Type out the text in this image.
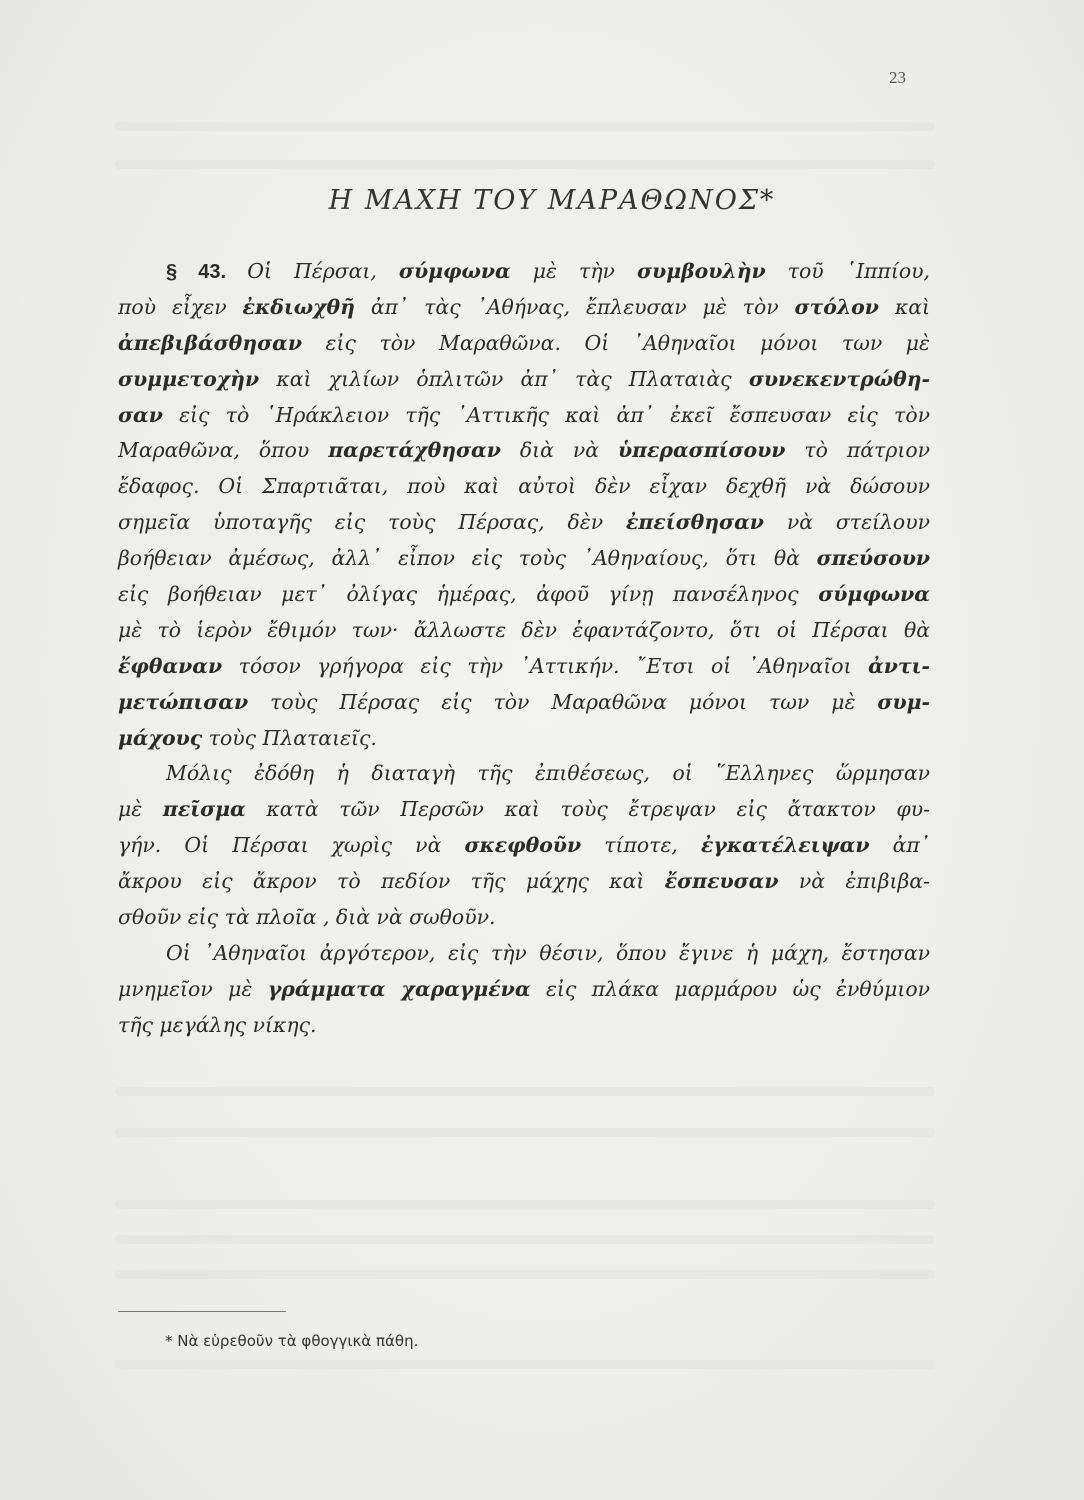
23
Η ΜΑΧΗ ΤΟΥ ΜΑΡΑΘΩΝΟΣ*
§ 43. Οἱ Πέρσαι, σύμφωνα μὲ τὴν συμβουλὴν τοῦ ῾Ιππίου,
ποὺ εἶχεν ἐκδιωχθῆ ἀπ᾿ τὰς ᾿Αθήνας, ἔπλευσαν μὲ τὸν στόλον καὶ
ἀπεβιβάσθησαν εἰς τὸν Μαραθῶνα. Οἱ ᾿Αθηναῖοι μόνοι των μὲ
συμμετοχὴν καὶ χιλίων ὁπλιτῶν ἀπ᾿ τὰς Πλαταιὰς συνεκεντρώθη-
σαν εἰς τὸ ῾Ηράκλειον τῆς ᾿Αττικῆς καὶ ἀπ᾿ ἐκεῖ ἔσπευσαν εἰς τὸν
Μαραθῶνα, ὅπου παρετάχθησαν διὰ νὰ ὑπερασπίσουν τὸ πάτριον
ἔδαφος. Οἱ Σπαρτιᾶται, ποὺ καὶ αὐτοὶ δὲν εἶχαν δεχθῆ νὰ δώσουν
σημεῖα ὑποταγῆς εἰς τοὺς Πέρσας, δὲν ἐπείσθησαν νὰ στείλουν
βοήθειαν ἀμέσως, ἀλλ᾿ εἶπον εἰς τοὺς ᾿Αθηναίους, ὅτι θὰ σπεύσουν
εἰς βοήθειαν μετ᾿ ὀλίγας ἡμέρας, ἀφοῦ γίνῃ πανσέληνος σύμφωνα
μὲ τὸ ἱερὸν ἔθιμόν των· ἄλλωστε δὲν ἐφαντάζοντο, ὅτι οἱ Πέρσαι θὰ
ἔφθαναν τόσον γρήγορα εἰς τὴν ᾿Αττικήν. ῎Ετσι οἱ ᾿Αθηναῖοι ἀντι-
μετώπισαν τοὺς Πέρσας εἰς τὸν Μαραθῶνα μόνοι των μὲ συμ-
μάχους τοὺς Πλαταιεῖς.
Μόλις ἐδόθη ἡ διαταγὴ τῆς ἐπιθέσεως, οἱ ῞Ελληνες ὥρμησαν
μὲ πεῖσμα κατὰ τῶν Περσῶν καὶ τοὺς ἔτρεψαν εἰς ἄτακτον φυ-
γήν. Οἱ Πέρσαι χωρὶς νὰ σκεφθοῦν τίποτε, ἐγκατέλειψαν ἀπ᾿
ἄκρου εἰς ἄκρον τὸ πεδίον τῆς μάχης καὶ ἔσπευσαν νὰ ἐπιβιβα-
σθοῦν εἰς τὰ πλοῖα , διὰ νὰ σωθοῦν.
Οἱ ᾿Αθηναῖοι ἀργότερον, εἰς τὴν θέσιν, ὅπου ἔγινε ἡ μάχη, ἔστησαν
μνημεῖον μὲ γράμματα χαραγμένα εἰς πλάκα μαρμάρου ὡς ἐνθύμιον
τῆς μεγάλης νίκης.
* Νὰ εὑρεθοῦν τὰ φθογγικὰ πάθη.
